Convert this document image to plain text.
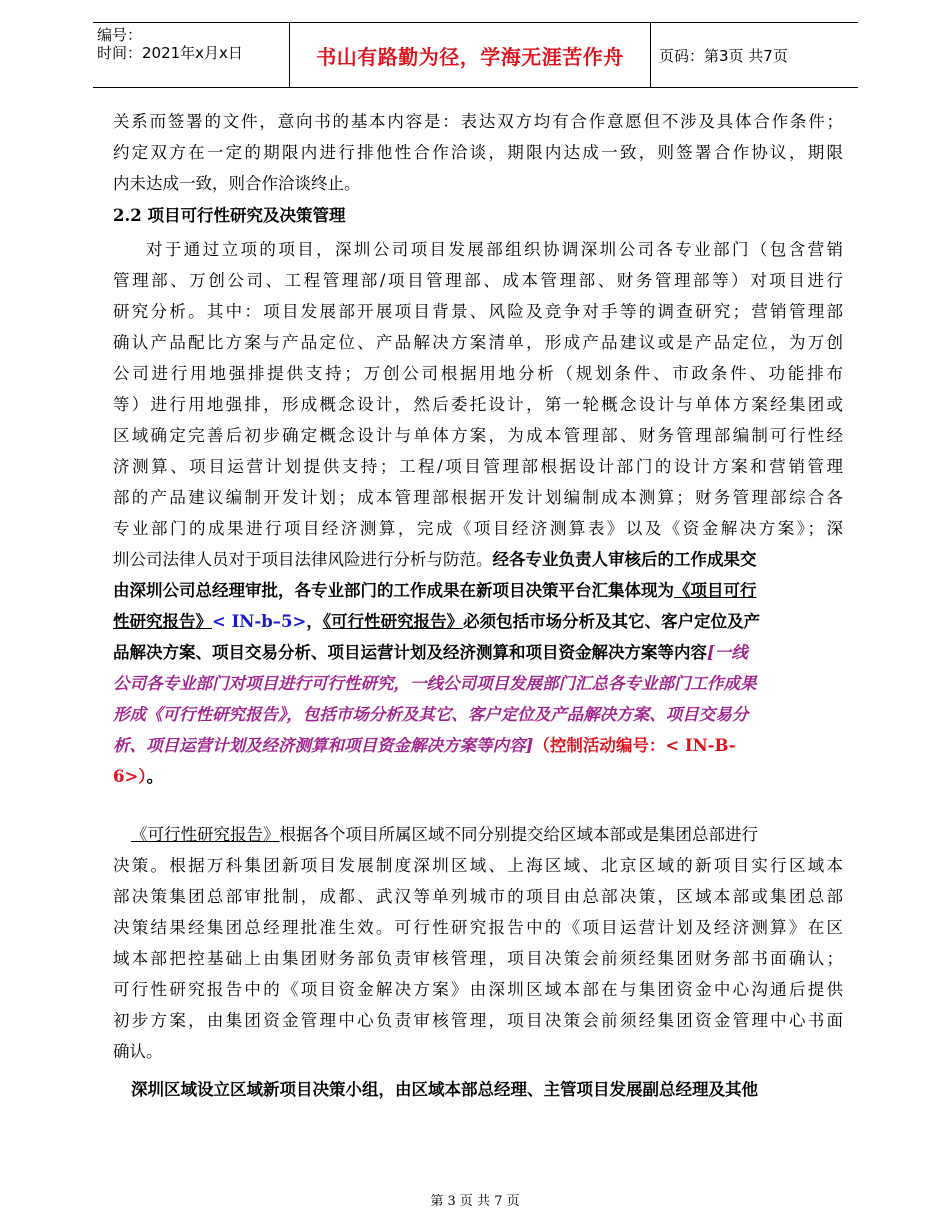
编号：
时间：2021年x月x日	书山有路勤为径，学海无涯苦作舟	页码：第3页 共7页
关系而签署的文件，意向书的基本内容是：表达双方均有合作意愿但不涉及具体合作条件；
约定双方在一定的期限内进行排他性合作洽谈，期限内达成一致，则签署合作协议，期限
内未达成一致，则合作洽谈终止。
2.2 项目可行性研究及决策管理
对于通过立项的项目，深圳公司项目发展部组织协调深圳公司各专业部门（包含营销
管理部、万创公司、工程管理部/项目管理部、成本管理部、财务管理部等）对项目进行
研究分析。其中：项目发展部开展项目背景、风险及竞争对手等的调查研究；营销管理部
确认产品配比方案与产品定位、产品解决方案清单，形成产品建议或是产品定位，为万创
公司进行用地强排提供支持；万创公司根据用地分析（规划条件、市政条件、功能排布
等）进行用地强排，形成概念设计，然后委托设计，第一轮概念设计与单体方案经集团或
区域确定完善后初步确定概念设计与单体方案，为成本管理部、财务管理部编制可行性经
济测算、项目运营计划提供支持；工程/项目管理部根据设计部门的设计方案和营销管理
部的产品建议编制开发计划；成本管理部根据开发计划编制成本测算；财务管理部综合各
专业部门的成果进行项目经济测算，完成《项目经济测算表》以及《资金解决方案》；深
圳公司法律人员对于项目法律风险进行分析与防范。经各专业负责人审核后的工作成果交
由深圳公司总经理审批，各专业部门的工作成果在新项目决策平台汇集体现为《项目可行
性研究报告》< IN-b–5>，《可行性研究报告》必须包括市场分析及其它、客户定位及产
品解决方案、项目交易分析、项目运营计划及经济测算和项目资金解决方案等内容[一线
公司各专业部门对项目进行可行性研究，一线公司项目发展部门汇总各专业部门工作成果
形成《可行性研究报告》，包括市场分析及其它、客户定位及产品解决方案、项目交易分
析、项目运营计划及经济测算和项目资金解决方案等内容]（控制活动编号：< IN-B-
6>）。
《可行性研究报告》根据各个项目所属区域不同分别提交给区域本部或是集团总部进行
决策。根据万科集团新项目发展制度深圳区域、上海区域、北京区域的新项目实行区域本
部决策集团总部审批制，成都、武汉等单列城市的项目由总部决策，区域本部或集团总部
决策结果经集团总经理批准生效。可行性研究报告中的《项目运营计划及经济测算》在区
域本部把控基础上由集团财务部负责审核管理，项目决策会前须经集团财务部书面确认；
可行性研究报告中的《项目资金解决方案》由深圳区域本部在与集团资金中心沟通后提供
初步方案，由集团资金管理中心负责审核管理，项目决策会前须经集团资金管理中心书面
确认。
深圳区域设立区域新项目决策小组，由区域本部总经理、主管项目发展副总经理及其他
第 3 页 共 7 页
